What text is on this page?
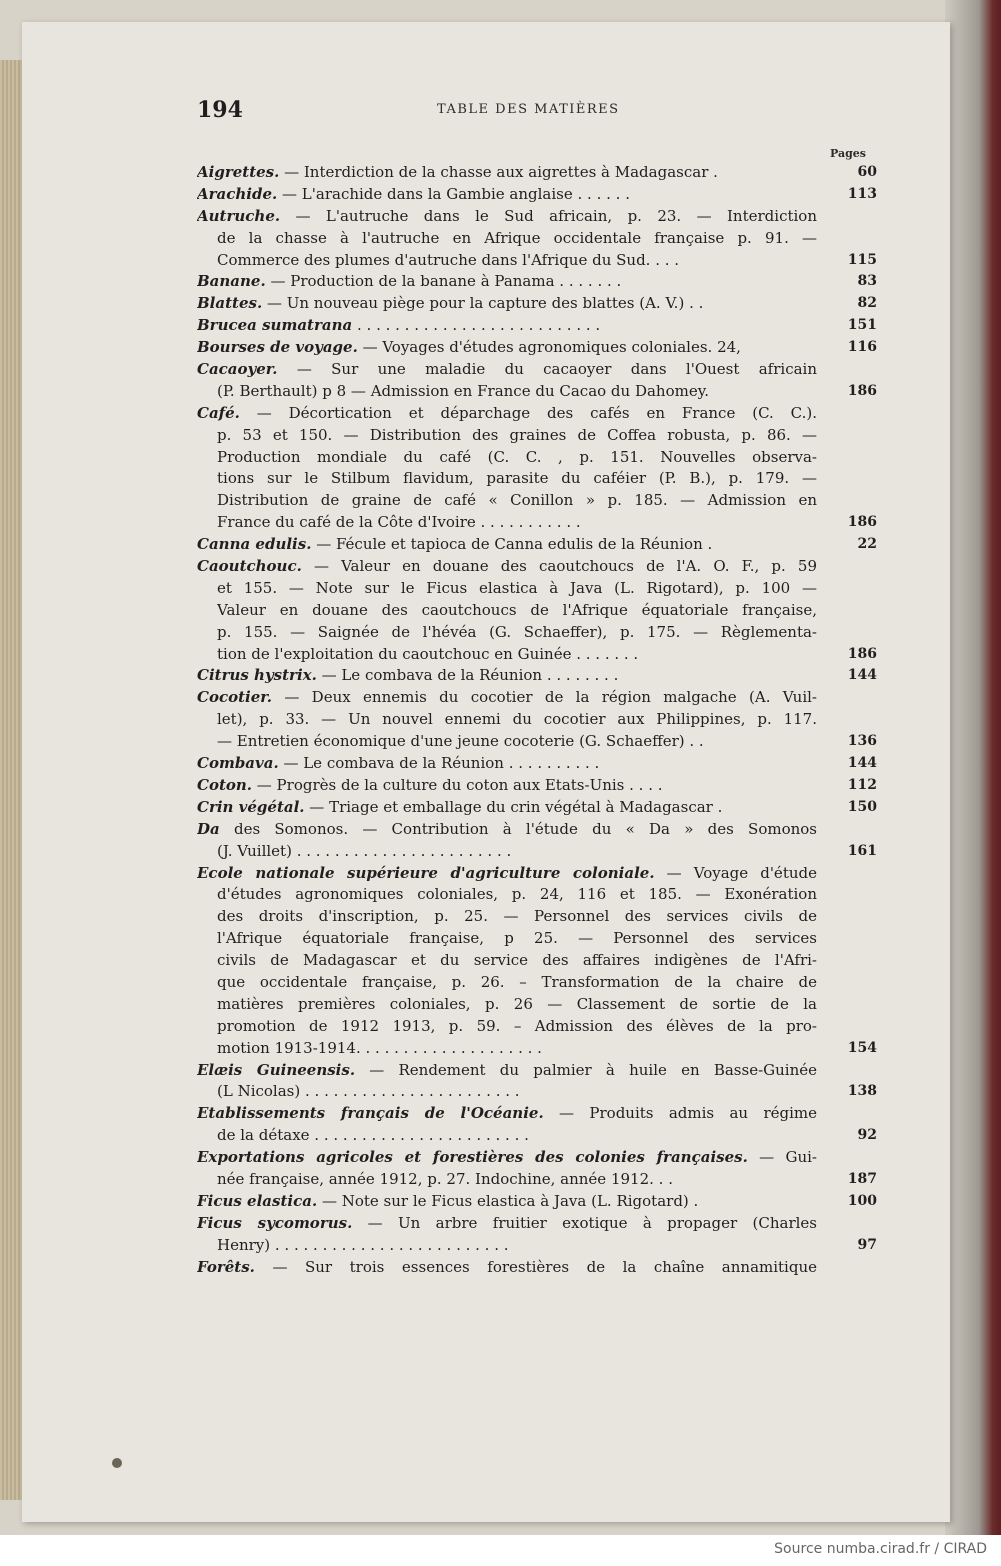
194	TABLE DES MATIÈRES
Pages
Aigrettes. — Interdiction de la chasse aux aigrettes à Madagascar .	60
Arachide. — L'arachide dans la Gambie anglaise . . . . . .	113
Autruche. — L'autruche dans le Sud africain, p. 23. — Interdiction
de la chasse à l'autruche en Afrique occidentale française p. 91. —
Commerce des plumes d'autruche dans l'Afrique du Sud. . . .	115
Banane. — Production de la banane à Panama . . . . . . .	83
Blattes. — Un nouveau piège pour la capture des blattes (A. V.) . .	82
Brucea sumatrana . . . . . . . . . . . . . . . . . . . . . . . . . .	151
Bourses de voyage. — Voyages d'études agronomiques coloniales. 24,	116
Cacaoyer. — Sur une maladie du cacaoyer dans l'Ouest africain
(P. Berthault) p 8 — Admission en France du Cacao du Dahomey.	186
Café. — Décortication et déparchage des cafés en France (C. C.).
p. 53 et 150. — Distribution des graines de Coffea robusta, p. 86. —
Production mondiale du café (C. C. , p. 151. Nouvelles observa-
tions sur le Stilbum flavidum, parasite du caféier (P. B.), p. 179. —
Distribution de graine de café « Conillon » p. 185. — Admission en
France du café de la Côte d'Ivoire . . . . . . . . . . .	186
Canna edulis. — Fécule et tapioca de Canna edulis de la Réunion .	22
Caoutchouc. — Valeur en douane des caoutchoucs de l'A. O. F., p. 59
et 155. — Note sur le Ficus elastica à Java (L. Rigotard), p. 100 —
Valeur en douane des caoutchoucs de l'Afrique équatoriale française,
p. 155. — Saignée de l'hévéa (G. Schaeffer), p. 175. — Règlementa-
tion de l'exploitation du caoutchouc en Guinée . . . . . . .	186
Citrus hystrix. — Le combava de la Réunion . . . . . . . .	144
Cocotier. — Deux ennemis du cocotier de la région malgache (A. Vuil-
let), p. 33. — Un nouvel ennemi du cocotier aux Philippines, p. 117.
— Entretien économique d'une jeune cocoterie (G. Schaeffer) . .	136
Combava. — Le combava de la Réunion . . . . . . . . . .	144
Coton. — Progrès de la culture du coton aux Etats-Unis . . . .	112
Crin végétal. — Triage et emballage du crin végétal à Madagascar .	150
Da des Somonos. — Contribution à l'étude du « Da » des Somonos
(J. Vuillet) . . . . . . . . . . . . . . . . . . . . . . .	161
Ecole nationale supérieure d'agriculture coloniale. — Voyage d'étude
d'études agronomiques coloniales, p. 24, 116 et 185. — Exonération
des droits d'inscription, p. 25. — Personnel des services civils de
l'Afrique équatoriale française, p 25. — Personnel des services
civils de Madagascar et du service des affaires indigènes de l'Afri-
que occidentale française, p. 26. – Transformation de la chaire de
matières premières coloniales, p. 26 — Classement de sortie de la
promotion de 1912 1913, p. 59. – Admission des élèves de la pro-
motion 1913-1914. . . . . . . . . . . . . . . . . . . .	154
Elæis Guineensis. — Rendement du palmier à huile en Basse-Guinée
(L Nicolas) . . . . . . . . . . . . . . . . . . . . . . .	138
Etablissements français de l'Océanie. — Produits admis au régime
de la détaxe . . . . . . . . . . . . . . . . . . . . . . .	92
Exportations agricoles et forestières des colonies françaises. — Gui-
née française, année 1912, p. 27. Indochine, année 1912. . .	187
Ficus elastica. — Note sur le Ficus elastica à Java (L. Rigotard) .	100
Ficus sycomorus. — Un arbre fruitier exotique à propager (Charles
Henry) . . . . . . . . . . . . . . . . . . . . . . . . .	97
Forêts. — Sur trois essences forestières de la chaîne annamitique
Source numba.cirad.fr / CIRAD
